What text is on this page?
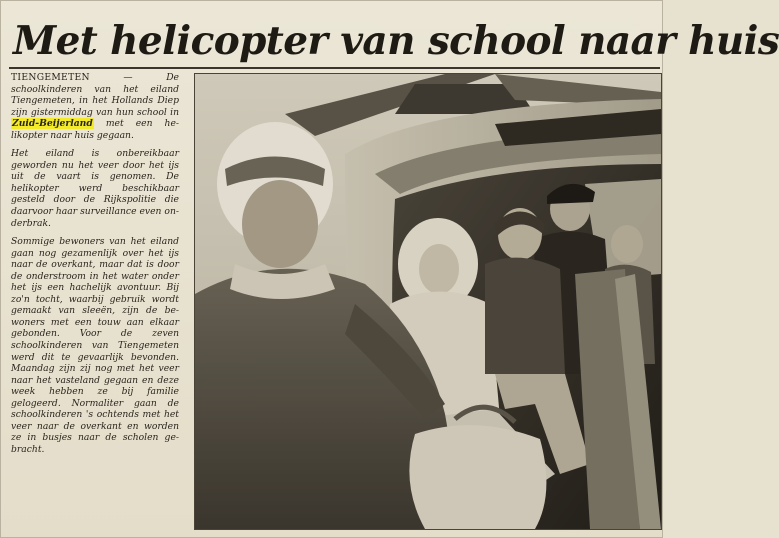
Met helicopter van school naar huis

TIENGEMETEN —	De schoolkinderen van het eiland Tiengemeten, in het Hollands Diep zijn gistermiddag van hun school in Zuid-Beijerland met een helikopter naar huis gegaan.

Het eiland is onbereikbaar geworden nu het veer door het ijs uit de vaart is genomen. De helikopter werd beschikbaar gesteld door de Rijkspolitie die daarvoor haar surveillance even onderbrak.

Sommige bewoners van het eiland gaan nog gezamenlijk over het ijs naar de overkant, maar dat is door de onderstroom in het water onder het ijs een hachelijk avontuur. Bij zo'n tocht, waarbij gebruik wordt gemaakt van sleeën, zijn de bewoners met een touw aan elkaar gebonden. Voor de zeven schoolkinderen van Tiengemeten werd dit te gevaarlijk bevonden. Maandag zijn zij nog met het veer naar het vasteland gegaan en deze week hebben ze bij familie gelogeerd. Normaliter gaan de schoolkinderen 's ochtends met het veer naar de overkant en worden ze in busjes naar de scholen gebracht.
